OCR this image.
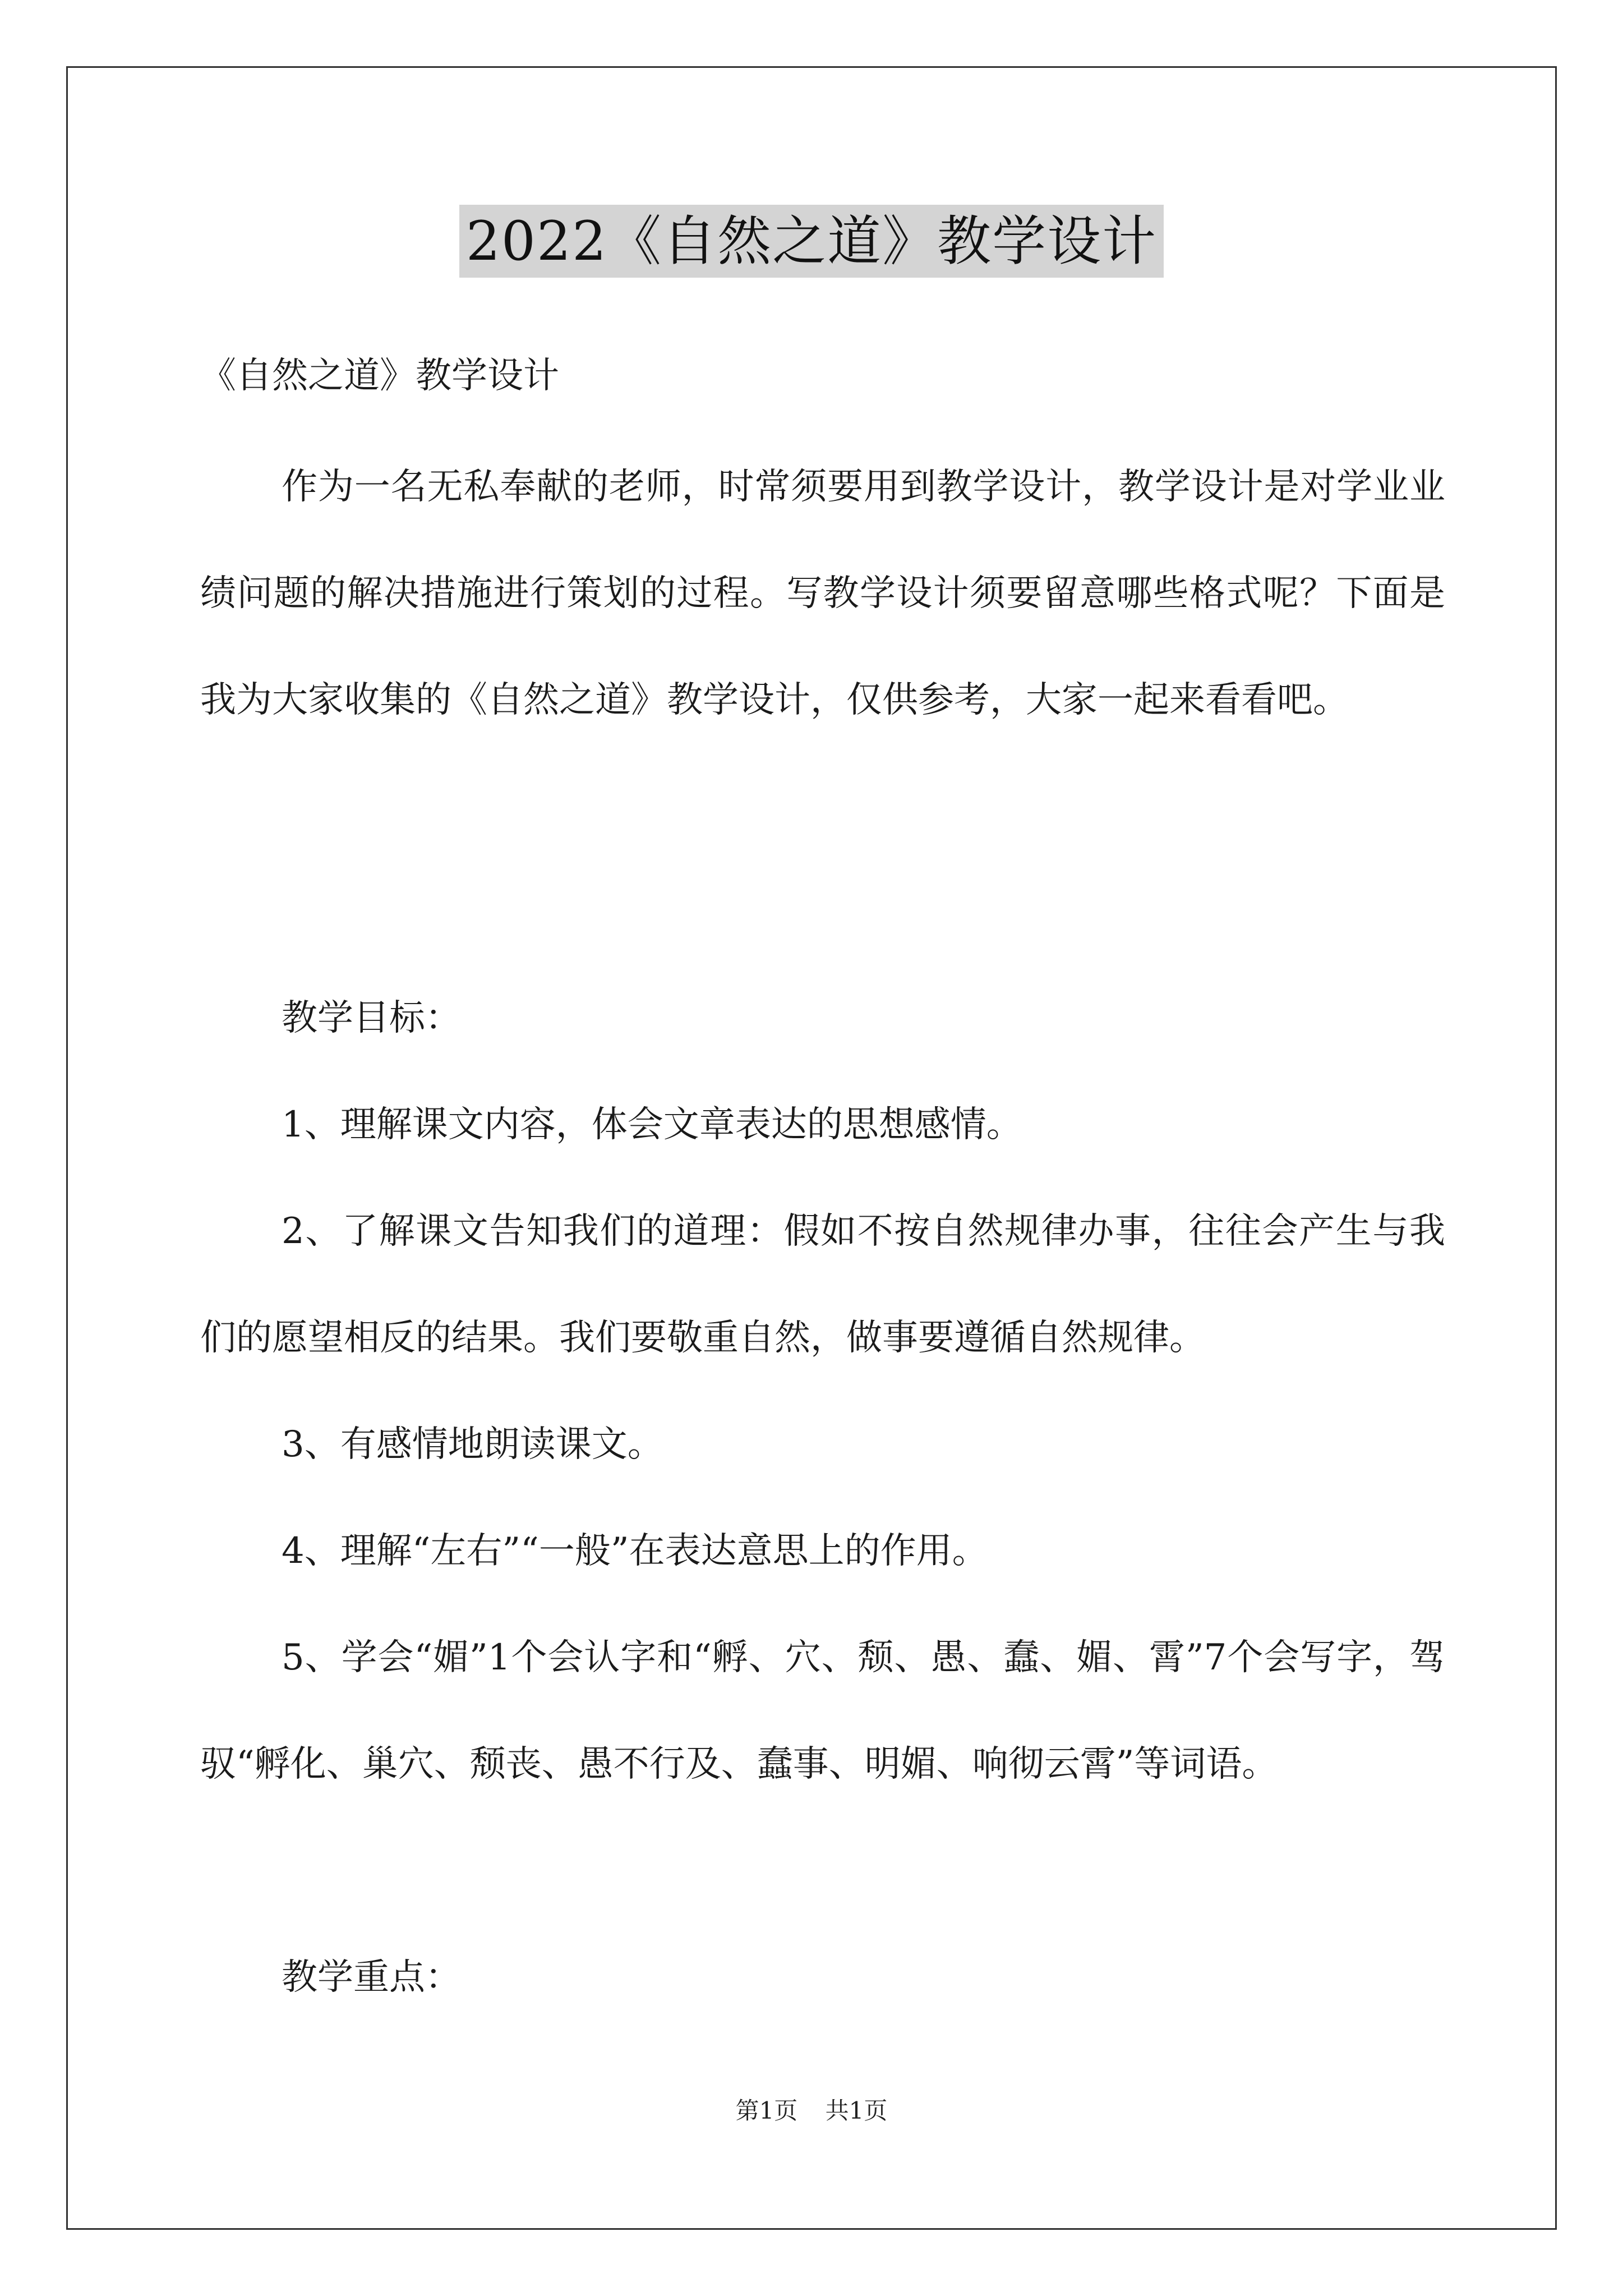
2022《自然之道》教学设计

《自然之道》教学设计

作为一名无私奉献的老师，时常须要用到教学设计，教学设计是对学业业绩问题的解决措施进行策划的过程。写教学设计须要留意哪些格式呢？下面是我为大家收集的《自然之道》教学设计，仅供参考，大家一起来看看吧。

教学目标：

1、理解课文内容，体会文章表达的思想感情。

2、了解课文告知我们的道理：假如不按自然规律办事，往往会产生与我们的愿望相反的结果。我们要敬重自然，做事要遵循自然规律。

3、有感情地朗读课文。

4、理解“左右”“一般”在表达意思上的作用。

5、学会“媚”1个会认字和“孵、穴、颓、愚、蠢、媚、霄”7个会写字，驾驭“孵化、巢穴、颓丧、愚不行及、蠢事、明媚、响彻云霄”等词语。

教学重点：

第1页 共1页
